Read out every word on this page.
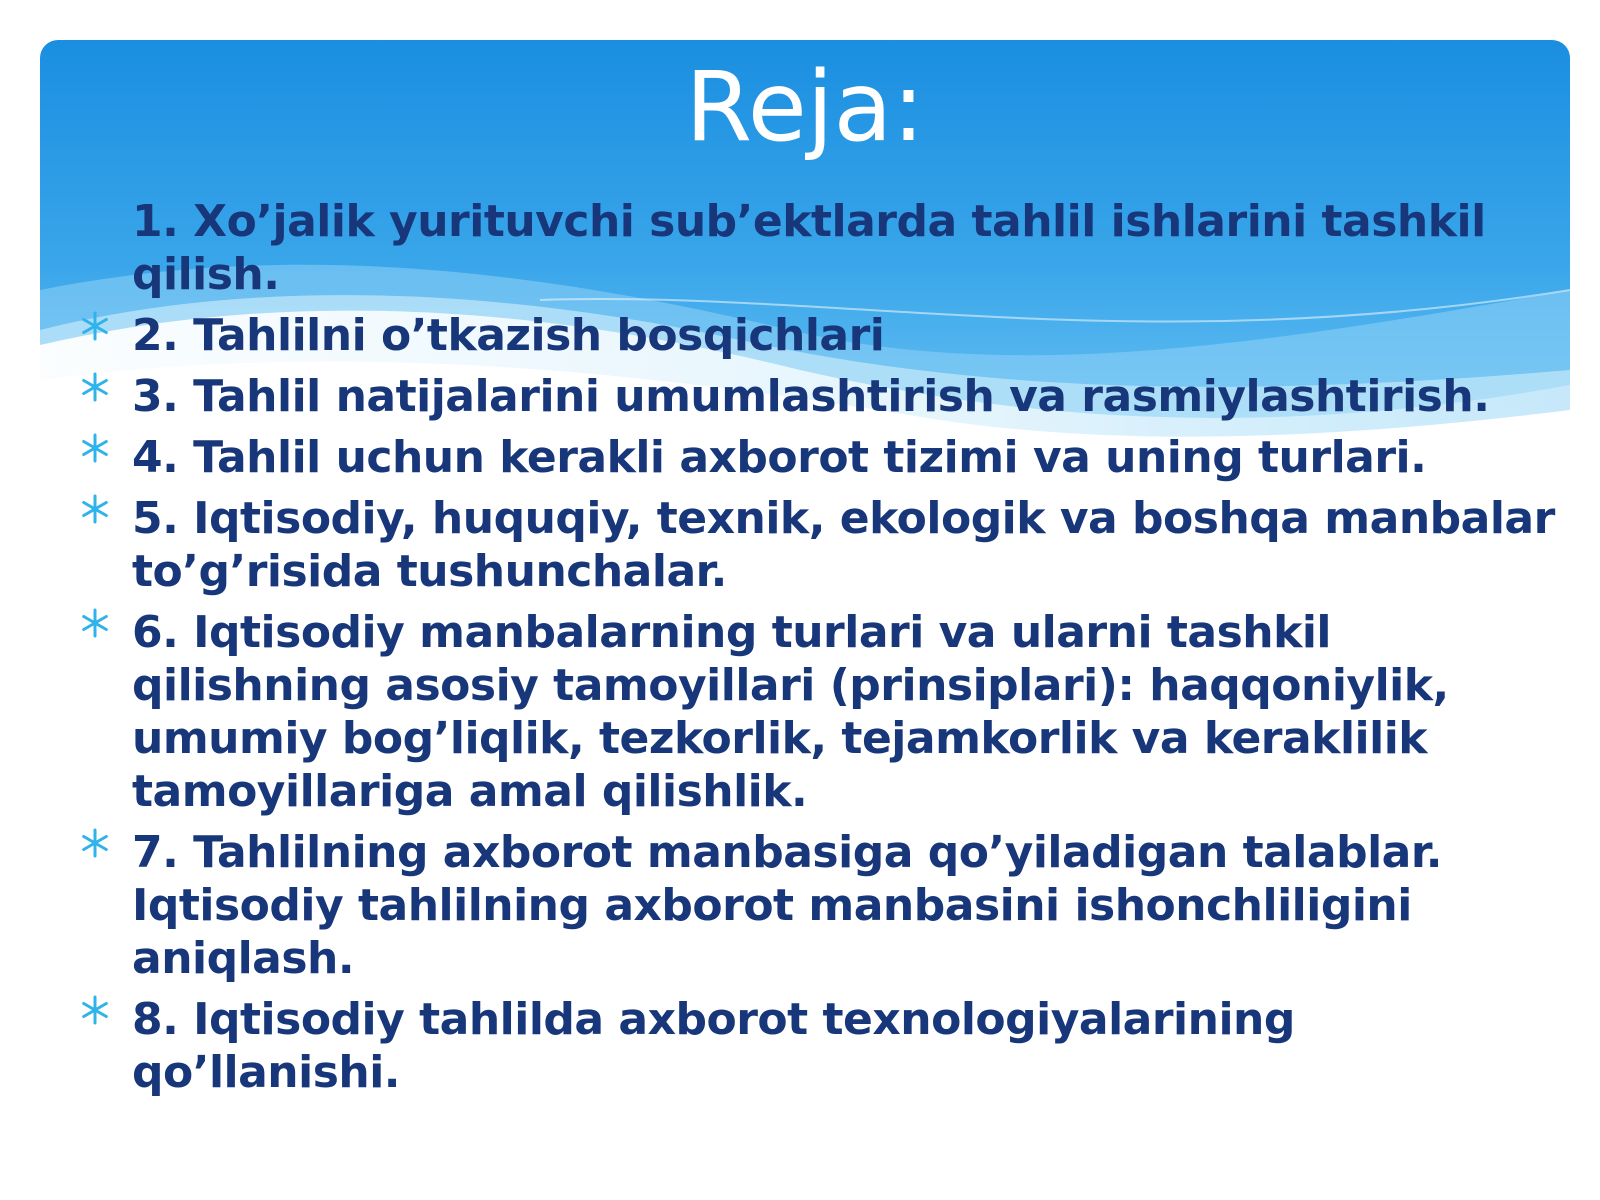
Reja:
1. Xo’jalik yurituvchi sub’ektlarda tahlil ishlarini tashkil qilish.
2. Tahlilni o’tkazish bosqichlari
3. Tahlil natijalarini umumlashtirish va rasmiylashtirish.
4. Tahlil uchun kerakli axborot tizimi va uning turlari.
5. Iqtisodiy, huquqiy, texnik, ekologik va boshqa manbalar to’g’risida tushunchalar.
6. Iqtisodiy manbalarning turlari va ularni tashkil qilishning asosiy tamoyillari (prinsiplari): haqqoniylik, umumiy bog’liqlik, tezkorlik, tejamkorlik va keraklilik tamoyillariga amal qilishlik.
7. Tahlilning axborot manbasiga qo’yiladigan talablar. Iqtisodiy tahlilning axborot manbasini ishonchliligini aniqlash.
8. Iqtisodiy tahlilda axborot texnologiyalarining qo’llanishi.
